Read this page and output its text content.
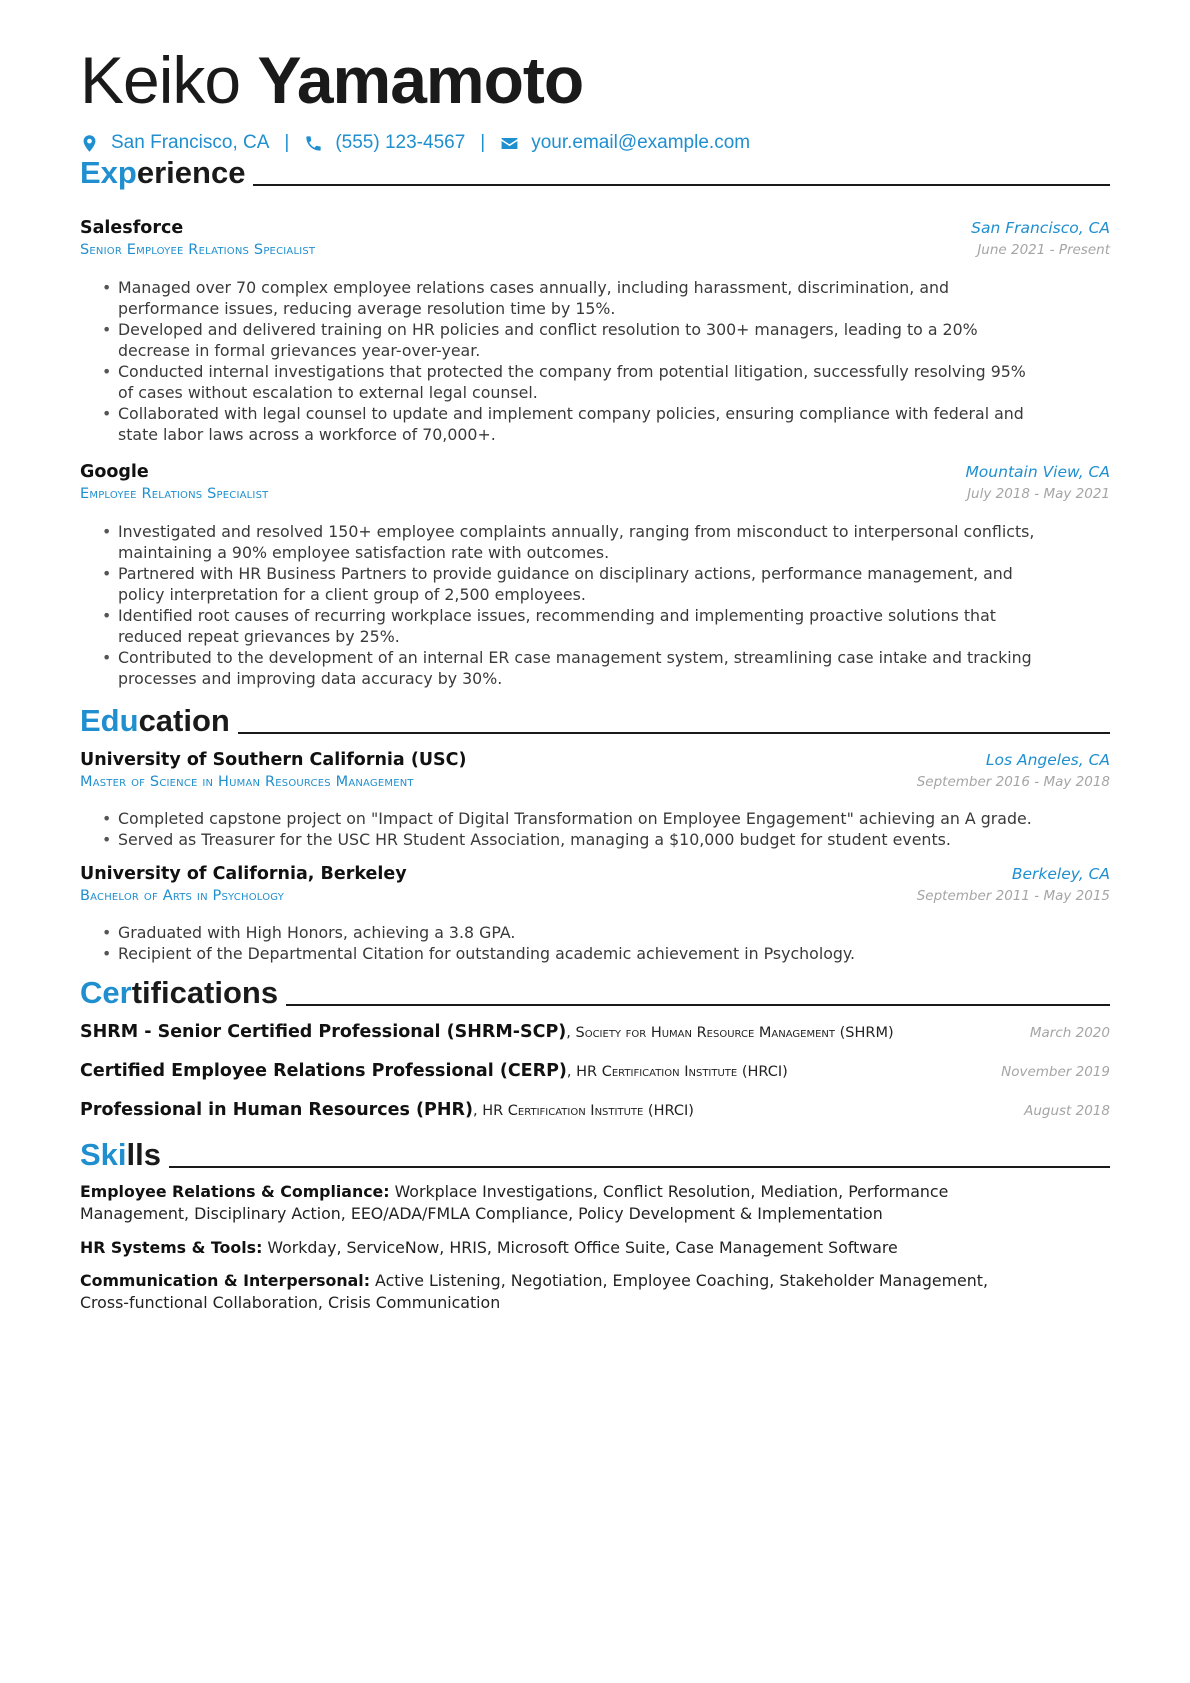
Keiko Yamamoto
San Francisco, CA | (555) 123-4567 | your.email@example.com
Experience
Salesforce	San Francisco, CA
Senior Employee Relations Specialist	June 2021 - Present
• Managed over 70 complex employee relations cases annually, including harassment, discrimination, and performance issues, reducing average resolution time by 15%.
• Developed and delivered training on HR policies and conflict resolution to 300+ managers, leading to a 20% decrease in formal grievances year-over-year.
• Conducted internal investigations that protected the company from potential litigation, successfully resolving 95% of cases without escalation to external legal counsel.
• Collaborated with legal counsel to update and implement company policies, ensuring compliance with federal and state labor laws across a workforce of 70,000+.
Google	Mountain View, CA
Employee Relations Specialist	July 2018 - May 2021
• Investigated and resolved 150+ employee complaints annually, ranging from misconduct to interpersonal conflicts, maintaining a 90% employee satisfaction rate with outcomes.
• Partnered with HR Business Partners to provide guidance on disciplinary actions, performance management, and policy interpretation for a client group of 2,500 employees.
• Identified root causes of recurring workplace issues, recommending and implementing proactive solutions that reduced repeat grievances by 25%.
• Contributed to the development of an internal ER case management system, streamlining case intake and tracking processes and improving data accuracy by 30%.
Education
University of Southern California (USC)	Los Angeles, CA
Master of Science in Human Resources Management	September 2016 - May 2018
• Completed capstone project on "Impact of Digital Transformation on Employee Engagement" achieving an A grade.
• Served as Treasurer for the USC HR Student Association, managing a $10,000 budget for student events.
University of California, Berkeley	Berkeley, CA
Bachelor of Arts in Psychology	September 2011 - May 2015
• Graduated with High Honors, achieving a 3.8 GPA.
• Recipient of the Departmental Citation for outstanding academic achievement in Psychology.
Certifications
SHRM - Senior Certified Professional (SHRM-SCP), Society for Human Resource Management (SHRM)	March 2020
Certified Employee Relations Professional (CERP), HR Certification Institute (HRCI)	November 2019
Professional in Human Resources (PHR), HR Certification Institute (HRCI)	August 2018
Skills
Employee Relations & Compliance: Workplace Investigations, Conflict Resolution, Mediation, Performance Management, Disciplinary Action, EEO/ADA/FMLA Compliance, Policy Development & Implementation
HR Systems & Tools: Workday, ServiceNow, HRIS, Microsoft Office Suite, Case Management Software
Communication & Interpersonal: Active Listening, Negotiation, Employee Coaching, Stakeholder Management, Cross-functional Collaboration, Crisis Communication
